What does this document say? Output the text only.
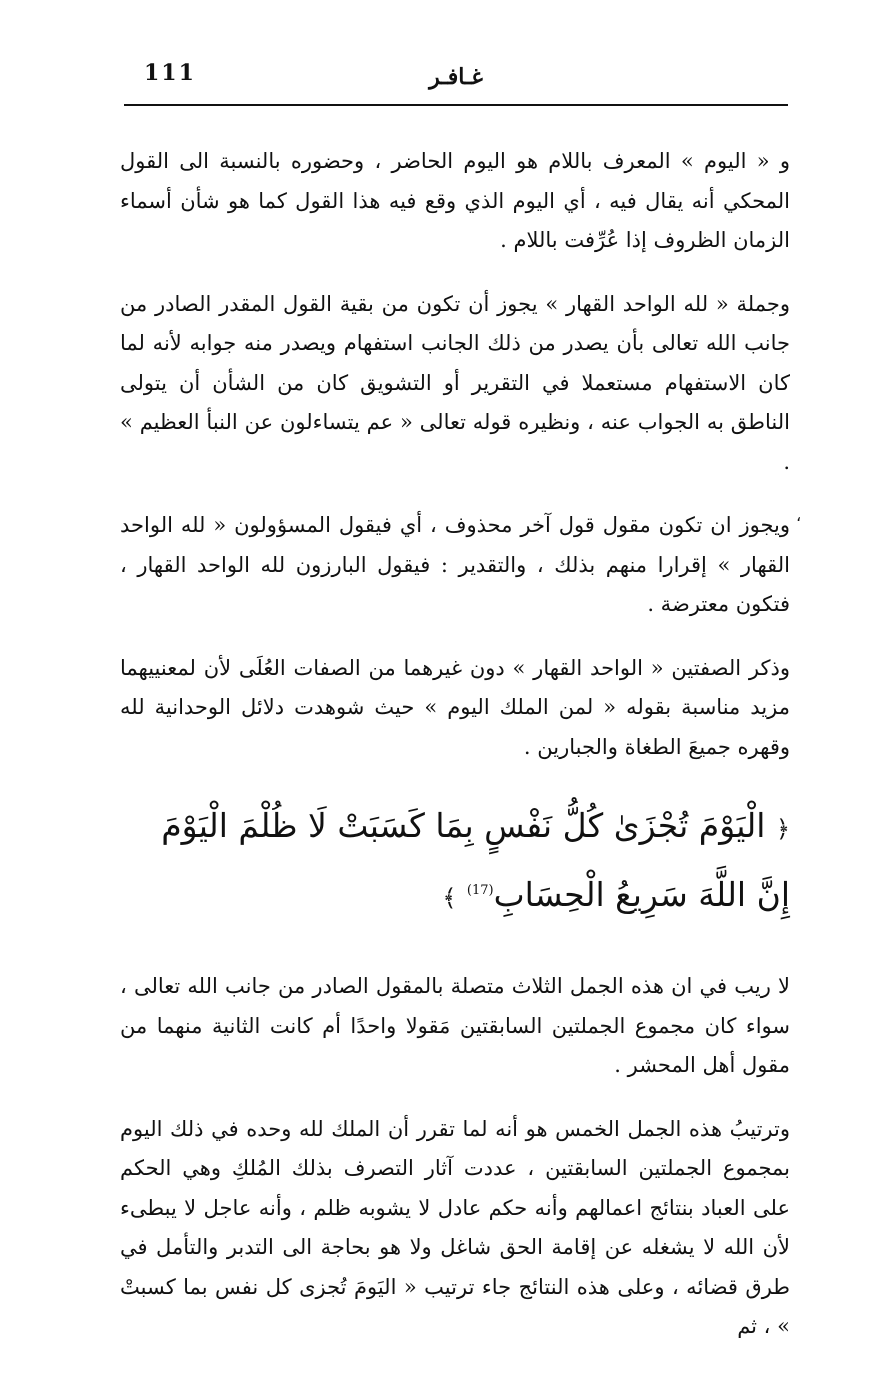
111	غـافـر
،

و « اليوم » المعرف باللام هو اليوم الحاضر ، وحضوره بالنسبة الى القول المحكي أنه يقال فيه ، أي اليوم الذي وقع فيه هذا القول كما هو شأن أسماء الزمان الظروف إذا عُرِّفت باللام .

وجملة « لله الواحد القهار » يجوز أن تكون من بقية القول المقدر الصادر من جانب الله تعالى بأن يصدر من ذلك الجانب استفهام ويصدر منه جوابه لأنه لما كان الاستفهام مستعملا في التقرير أو التشويق كان من الشأن أن يتولى الناطق به الجواب عنه ، ونظيره قوله تعالى « عم يتساءلون عن النبأ العظيم » .

ويجوز ان تكون مقول قول آخر محذوف ، أي فيقول المسؤولون « لله الواحد القهار » إقرارا منهم بذلك ، والتقدير : فيقول البارزون لله الواحد القهار ، فتكون معترضة .

وذكر الصفتين « الواحد القهار » دون غيرهما من الصفات العُلَى لأن لمعنييهما مزيد مناسبة بقوله « لمن الملك اليوم » حيث شوهدت دلائل الوحدانية لله وقهره جميعَ الطغاة والجبارين .

﴿ الْيَوْمَ تُجْزَىٰ كُلُّ نَفْسٍ بِمَا كَسَبَتْ لَا ظُلْمَ الْيَوْمَ إِنَّ اللَّهَ سَرِيعُ الْحِسَابِ$^{(17)}$ ﴾

لا ريب في ان هذه الجمل الثلاث متصلة بالمقول الصادر من جانب الله تعالى ، سواء كان مجموع الجملتين السابقتين مَقولا واحدًا أم كانت الثانية منهما من مقول أهل المحشر .

وترتيبُ هذه الجمل الخمس هو أنه لما تقرر أن الملك لله وحده في ذلك اليوم بمجموع الجملتين السابقتين ، عددت آثار التصرف بذلك المُلكِ وهي الحكم على العباد بنتائج اعمالهم وأنه حكم عادل لا يشوبه ظلم ، وأنه عاجل لا يبطىء لأن الله لا يشغله عن إقامة الحق شاغل ولا هو بحاجة الى التدبر والتأمل في طرق قضائه ، وعلى هذه النتائج جاء ترتيب « اليَومَ تُجزى كل نفس بما كسبتْ » ، ثم
